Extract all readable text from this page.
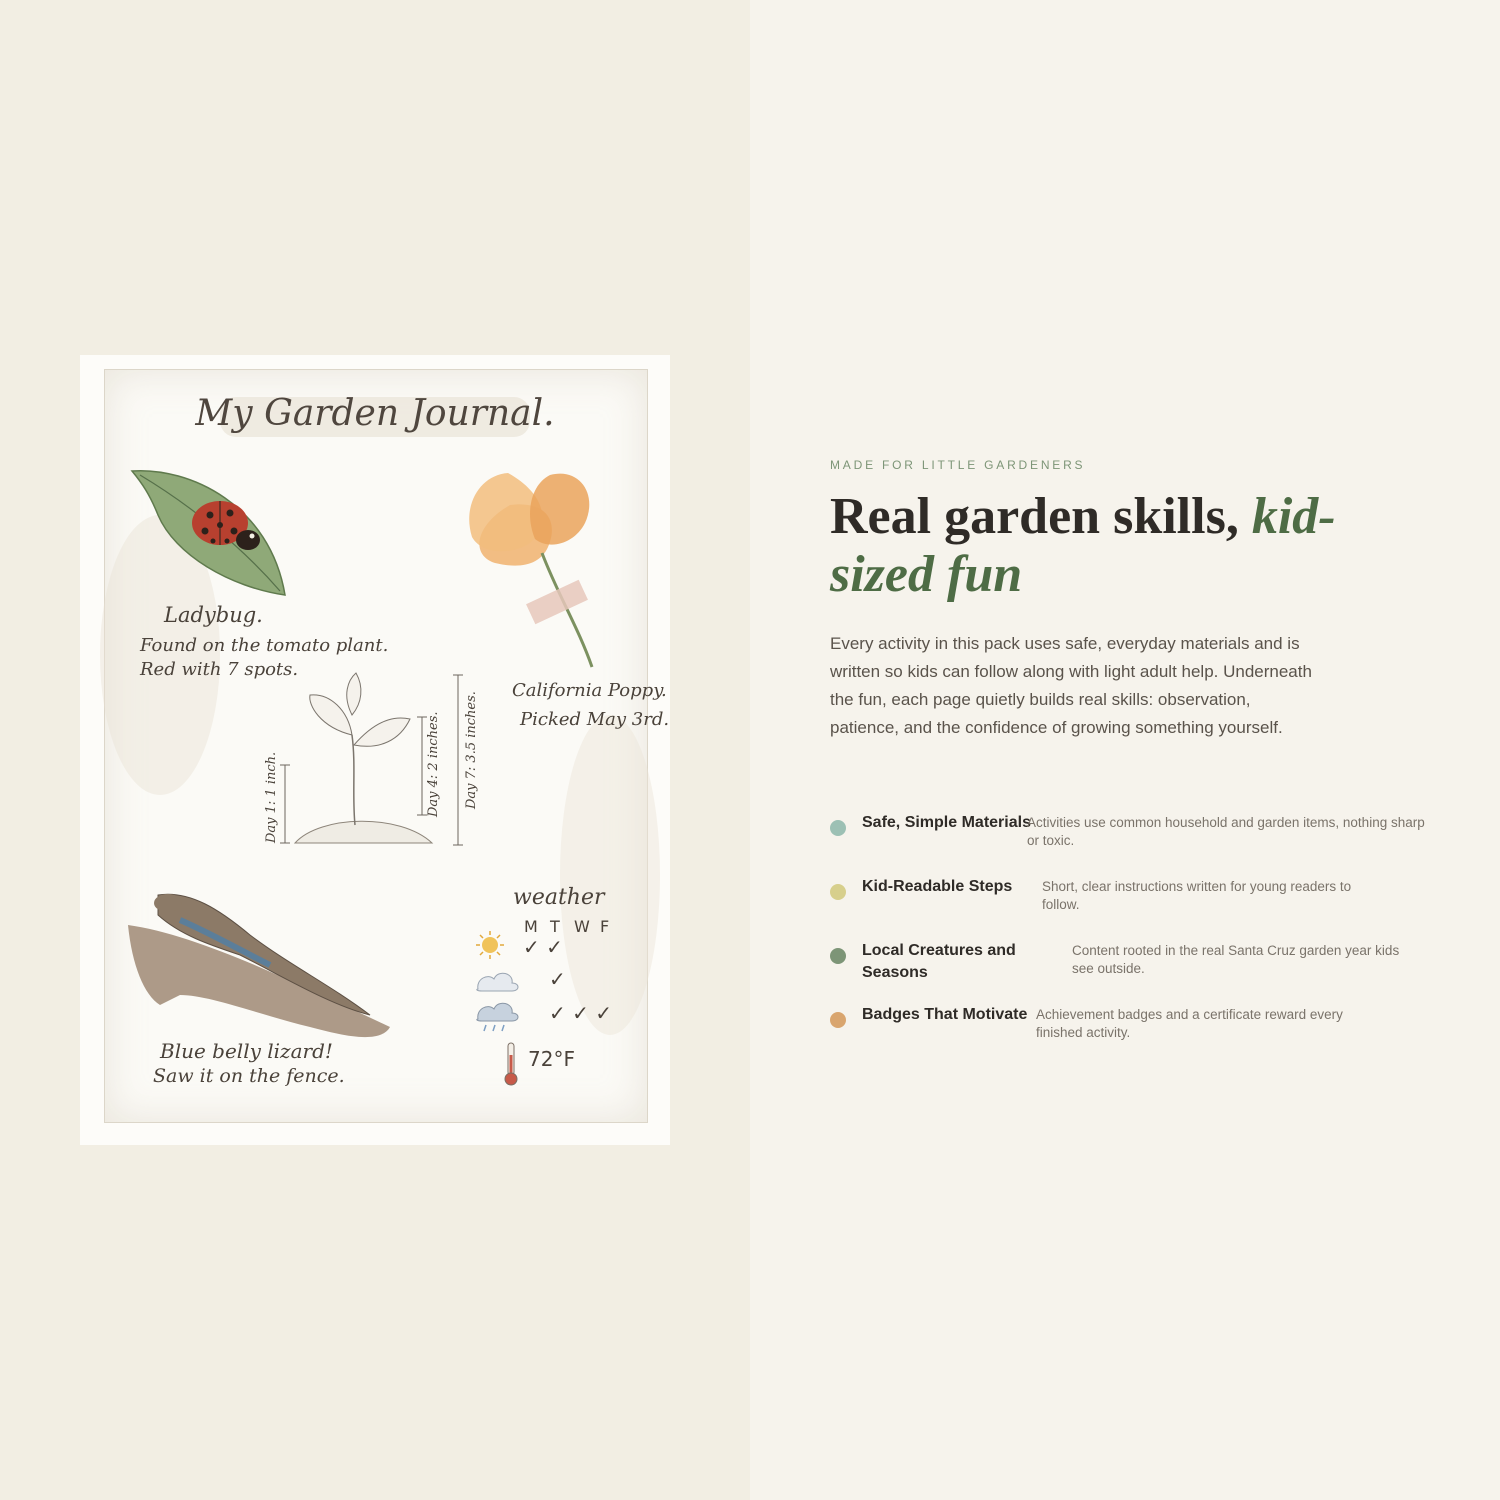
My Garden Journal.
Ladybug.
Found on the tomato plant.
Red with 7 spots.
California Poppy.
Picked May 3rd.
Day 1: 1 inch.	Day 4: 2 inches. Day 7: 3.5 inches.
Blue belly lizard!
Saw it on the fence.
weather
M T W F
✓ ✓
✓
✓ ✓ ✓
72°F
MADE FOR LITTLE GARDENERS
Real garden skills, kid-sized fun

Every activity in this pack uses safe, everyday materials and is written so kids can follow along with light adult help. Underneath the fun, each page quietly builds real skills: observation, patience, and the confidence of growing something yourself.

Safe, Simple Materials
Activities use common household and garden items, nothing sharp or toxic.
Kid-Readable Steps	Short, clear instructions written for young readers to follow.
Local Creatures and Seasons
Content rooted in the real Santa Cruz garden year kids see outside.
Badges That Motivate Achievement badges and a certificate reward every finished activity.
